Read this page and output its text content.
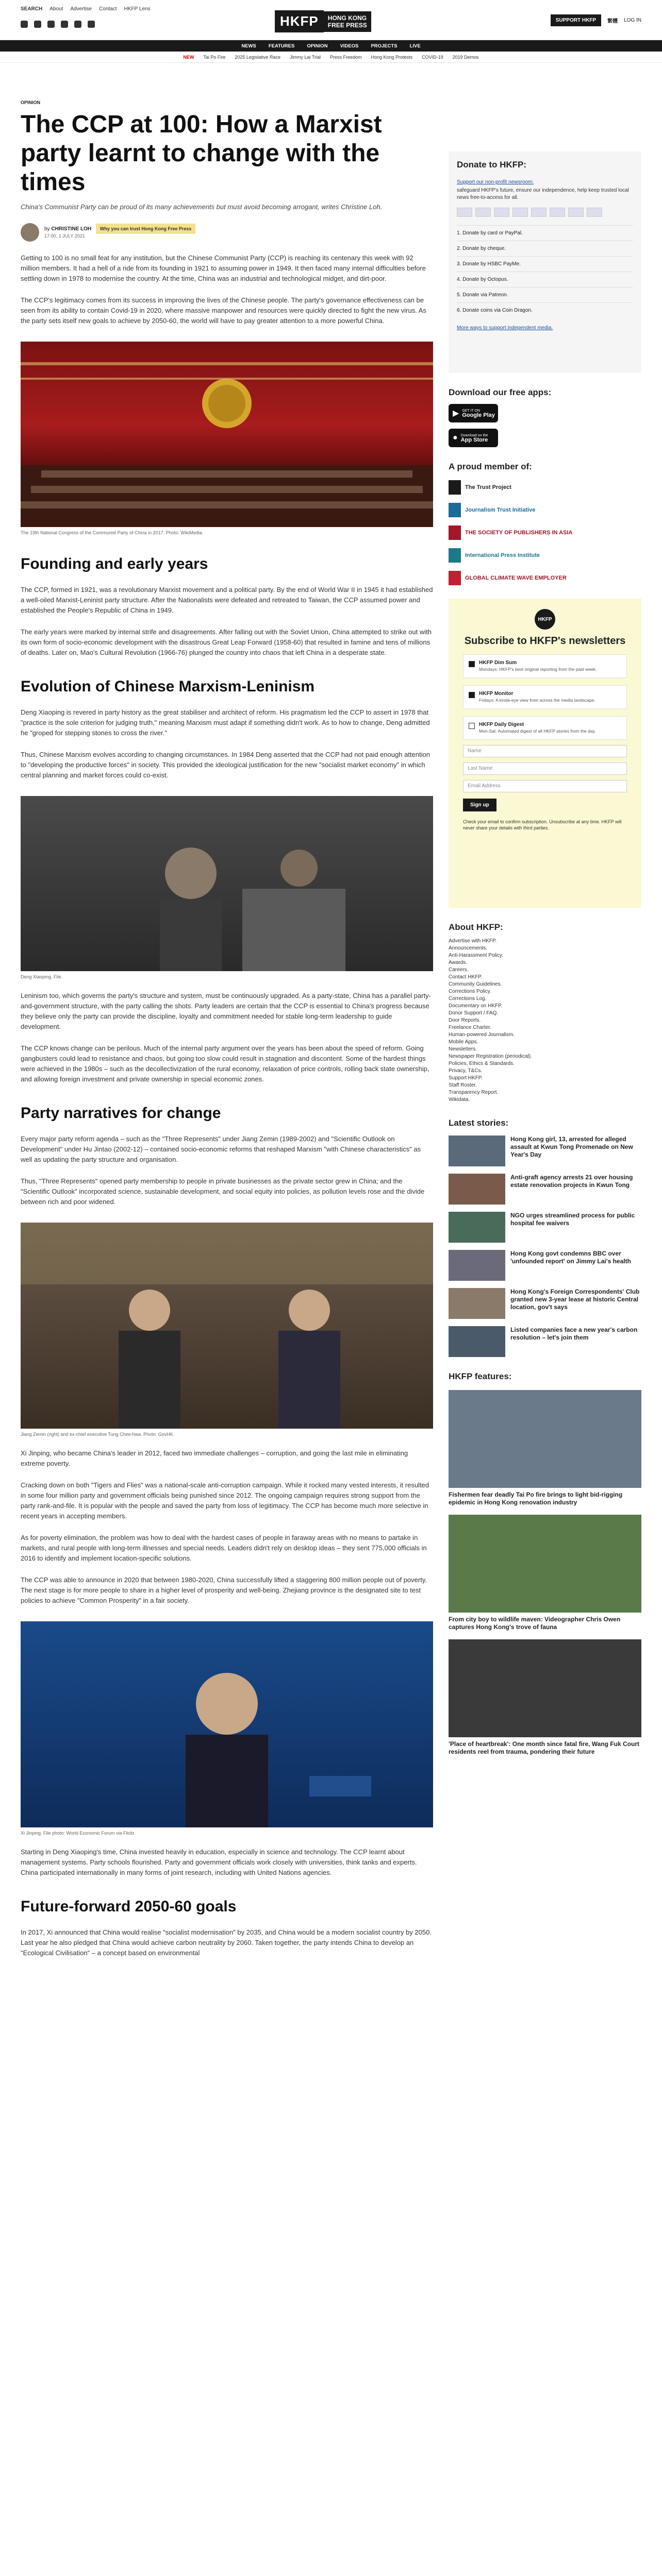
SEARCH About Advertise Contact HKFP Lens
HKFP	HONG KONG
FREE PRESS
SUPPORT HKFP	繁體 LOG IN
NEWS	FEATURES	OPINION	VIDEOS	PROJECTS	LIVE
NEW Tai Po Fire 2025 Legislative Race Jimmy Lai Trial Press Freedom Hong Kong Protests COVID-19 2019 Demos
OPINION
The CCP at 100: How a Marxist party learnt to change with the times
China's Communist Party can be proud of its many achievements but must avoid becoming arrogant, writes Christine Loh.
by CHRISTINE LOH Why you can trust Hong Kong Free Press
17:00, 1 JULY 2021

Getting to 100 is no small feat for any institution, but the Chinese Communist Party (CCP) is reaching its centenary this week with 92 million members. It had a hell of a ride from its founding in 1921 to assuming power in 1949. It then faced many internal difficulties before settling down in 1978 to modernise the country. At the time, China was an industrial and technological midget, and dirt-poor.

The CCP's legitimacy comes from its success in improving the lives of the Chinese people. The party's governance effectiveness can be seen from its ability to contain Covid-19 in 2020, where massive manpower and resources were quickly directed to fight the new virus. As the party sets itself new goals to achieve by 2050-60, the world will have to pay greater attention to a more powerful China.

The 19th National Congress of the Communist Party of China in 2017. Photo: WikiMedia.
Founding and early years

The CCP, formed in 1921, was a revolutionary Marxist movement and a political party. By the end of World War II in 1945 it had established a well-oiled Marxist-Leninist party structure. After the Nationalists were defeated and retreated to Taiwan, the CCP assumed power and established the People's Republic of China in 1949.

The early years were marked by internal strife and disagreements. After falling out with the Soviet Union, China attempted to strike out with its own form of socio-economic development with the disastrous Great Leap Forward (1958-60) that resulted in famine and tens of millions of deaths. Later on, Mao's Cultural Revolution (1966-76) plunged the country into chaos that left China in a desperate state.

Evolution of Chinese Marxism-Leninism

Deng Xiaoping is revered in party history as the great stabiliser and architect of reform. His pragmatism led the CCP to assert in 1978 that "practice is the sole criterion for judging truth," meaning Marxism must adapt if something didn't work. As to how to change, Deng admitted he "groped for stepping stones to cross the river."

Thus, Chinese Marxism evolves according to changing circumstances. In 1984 Deng asserted that the CCP had not paid enough attention to "developing the productive forces" in society. This provided the ideological justification for the new "socialist market economy" in which central planning and market forces could co-exist.

Deng Xiaoping. File.

Leninism too, which governs the party's structure and system, must be continuously upgraded. As a party-state, China has a parallel party-and-government structure, with the party calling the shots. Party leaders are certain that the CCP is essential to China's progress because they believe only the party can provide the discipline, loyalty and commitment needed for stable long-term leadership to guide development.

The CCP knows change can be perilous. Much of the internal party argument over the years has been about the speed of reform. Going gangbusters could lead to resistance and chaos, but going too slow could result in stagnation and discontent. Some of the hardest things were achieved in the 1980s – such as the decollectivization of the rural economy, relaxation of price controls, rolling back state ownership, and allowing foreign investment and private ownership in special economic zones.

Party narratives for change

Every major party reform agenda – such as the "Three Represents" under Jiang Zemin (1989-2002) and "Scientific Outlook on Development" under Hu Jintao (2002-12) – contained socio-economic reforms that reshaped Marxism "with Chinese characteristics" as well as updating the party structure and organisation.

Thus, "Three Represents" opened party membership to people in private businesses as the private sector grew in China; and the "Scientific Outlook" incorporated science, sustainable development, and social equity into policies, as pollution levels rose and the divide between rich and poor widened.

Jiang Zemin (right) and ex-chief executive Tung Chee-hwa. Photo: GovHK.

Xi Jinping, who became China's leader in 2012, faced two immediate challenges – corruption, and going the last mile in eliminating extreme poverty.

Cracking down on both "Tigers and Flies" was a national-scale anti-corruption campaign. While it rocked many vested interests, it resulted in some four million party and government officials being punished since 2012. The ongoing campaign requires strong support from the party rank-and-file. It is popular with the people and saved the party from loss of legitimacy. The CCP has become much more selective in recent years in accepting members.

As for poverty elimination, the problem was how to deal with the hardest cases of people in faraway areas with no means to partake in markets, and rural people with long-term illnesses and special needs. Leaders didn't rely on desktop ideas – they sent 775,000 officials in 2016 to identify and implement location-specific solutions.

The CCP was able to announce in 2020 that between 1980-2020, China successfully lifted a staggering 800 million people out of poverty. The next stage is for more people to share in a higher level of prosperity and well-being. Zhejiang province is the designated site to test policies to achieve "Common Prosperity" in a fair society.

Xi Jinping. File photo: World Economic Forum via Flickr.

Starting in Deng Xiaoping's time, China invested heavily in education, especially in science and technology. The CCP learnt about management systems. Party schools flourished. Party and government officials work closely with universities, think tanks and experts. China participated internationally in many forms of joint research, including with United Nations agencies.

Future-forward 2050-60 goals

In 2017, Xi announced that China would realise "socialist modernisation" by 2035, and China would be a modern socialist country by 2050. Last year he also pledged that China would achieve carbon neutrality by 2060. Taken together, the party intends China to develop an "Ecological Civilisation" – a concept based on environmental

Donate to HKFP:
Support our non-profit newsroom:
safeguard HKFP's future, ensure our independence, help keep trusted local news free-to-access for all.
1. Donate by card or PayPal.
2. Donate by cheque.
3. Donate by HSBC PayMe.
4. Donate by Octopus.
5. Donate via Patreon.
6. Donate coins via Coin Dragon.
More ways to support independent media.
Download our free apps:
▶ GET IT ON
Google Play
● Download on the
App Store
A proud member of:
The Trust Project
Journalism Trust Initiative
THE SOCIETY OF PUBLISHERS IN ASIA
International Press Institute
GLOBAL CLIMATE WAVE EMPLOYER
HKFP
Subscribe to HKFP's newsletters
HKFP Dim Sum
Mondays: HKFP's best original reporting from the past week.
HKFP Monitor
Fridays: A kinda-eye view from across the media landscape.
HKFP Daily Digest
Mon-Sat: Automated digest of all HKFP stories from the day.
Name
Last Name
Email Address
Sign up
Check your email to confirm subscription. Unsubscribe at any time. HKFP will never share your details with third parties.
About HKFP:
Advertise with HKFP.
Announcements.
Anti-Harassment Policy.
Awards.
Careers.
Contact HKFP.
Community Guidelines.
Corrections Policy.
Corrections Log.
Documentary on HKFP.
Donor Support / FAQ.
Door Reports.
Freelance Charter.
Human-powered Journalism.
Mobile Apps.
Newsletters.
Newspaper Registration (periodical).
Policies, Ethics & Standards.
Privacy, T&Cs.
Support HKFP.
Staff Roster.
Transparency Report.
Wikidata.
Latest stories:
Hong Kong girl, 13, arrested for alleged assault at Kwun Tong Promenade on New Year's Day
Anti-graft agency arrests 21 over housing estate renovation projects in Kwun Tong
NGO urges streamlined process for public hospital fee waivers
Hong Kong govt condemns BBC over 'unfounded report' on Jimmy Lai's health
Hong Kong's Foreign Correspondents' Club granted new 3-year lease at historic Central location, gov't says
Listed companies face a new year's carbon resolution – let's join them
HKFP features:
Fishermen fear deadly Tai Po fire brings to light bid-rigging epidemic in Hong Kong renovation industry
From city boy to wildlife maven: Videographer Chris Owen captures Hong Kong's trove of fauna
'Place of heartbreak': One month since fatal fire, Wang Fuk Court residents reel from trauma, pondering their future
